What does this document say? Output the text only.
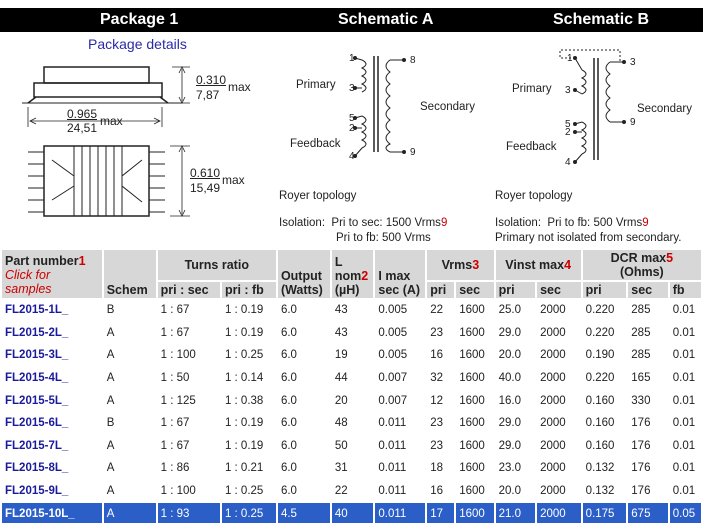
Package 1	Schematic A	Schematic B
Package details
0.310
7,87
max
0.965
24,51 max
0.610
15,49
max
1
3
5
2
4
8
9
Primary
Secondary
Feedback
1
3
5
2
4
3
9
Primary
Secondary
Feedback
Royer topology
Isolation: Pri to sec: 1500 Vrms9
Pri to fb: 500 Vrms
Royer topology
Isolation: Pri to fb: 500 Vrms9
Primary not isolated from secondary.
Part number1
Click for samples	Schem	Turns ratio		Output (Watts)	L nom2
(µH)	I max
sec (A)	Vrms3		Vinst max4		DCR max5
(Ohms)		
		pri : sec	pri : fb				pri	sec	pri	sec	pri	sec	fb
FL2015-1L_	B	1 : 67	1 : 0.19	6.0	43	0.005	22	1600	25.0	2000	0.220	285	0.01
FL2015-2L_	A	1 : 67	1 : 0.19	6.0	43	0.005	23	1600	29.0	2000	0.220	285	0.01
FL2015-3L_	A	1 : 100	1 : 0.25	6.0	19	0.005	16	1600	20.0	2000	0.190	285	0.01
FL2015-4L_	A	1 : 50	1 : 0.14	6.0	44	0.007	32	1600	40.0	2000	0.220	165	0.01
FL2015-5L_	A	1 : 125	1 : 0.38	6.0	20	0.007	12	1600	16.0	2000	0.160	330	0.01
FL2015-6L_	B	1 : 67	1 : 0.19	6.0	48	0.011	23	1600	29.0	2000	0.160	176	0.01
FL2015-7L_	A	1 : 67	1 : 0.19	6.0	50	0.011	23	1600	29.0	2000	0.160	176	0.01
FL2015-8L_	A	1 : 86	1 : 0.21	6.0	31	0.011	18	1600	23.0	2000	0.132	176	0.01
FL2015-9L_	A	1 : 100	1 : 0.25	6.0	22	0.011	16	1600	20.0	2000	0.132	176	0.01
FL2015-10L_	A	1 : 93	1 : 0.25	4.5	40	0.011	17	1600	21.0	2000	0.175	675	0.05
